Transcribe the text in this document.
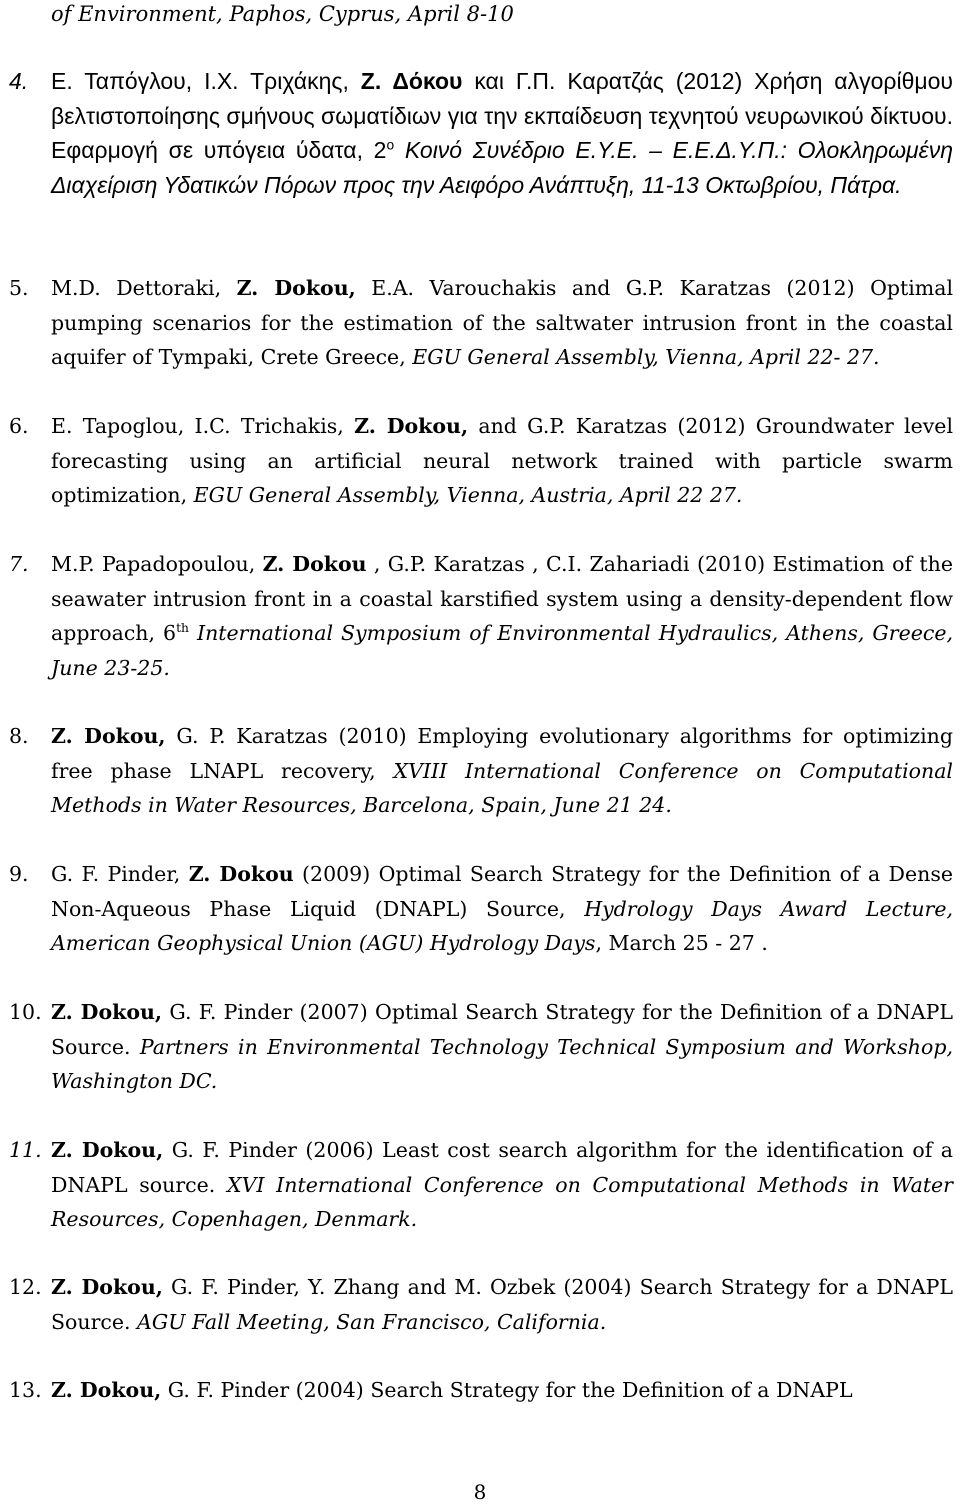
of Environment, Paphos, Cyprus, April 8-10
4. Ε. Ταπόγλου, Ι.Χ. Τριχάκης, Ζ. Δόκου και Γ.Π. Καρατζάς (2012) Χρήση αλγορίθμου βελτιστοποίησης σμήνους σωματίδιων για την εκπαίδευση τεχνητού νευρωνικού δίκτυου. Εφαρμογή σε υπόγεια ύδατα, $2^o$ Κοινό Συνέδριο Ε.Υ.Ε. – Ε.Ε.Δ.Υ.Π.: Ολοκληρωμένη Διαχείριση Υδατικών Πόρων προς την Αειφόρο Ανάπτυξη, 11-13 Οκτωβρίου, Πάτρα.
5. M.D. Dettoraki, Z. Dokou, E.A. Varouchakis and G.P. Karatzas (2012) Optimal pumping scenarios for the estimation of the saltwater intrusion front in the coastal aquifer of Tympaki, Crete Greece, EGU General Assembly, Vienna, April 22- 27.
6. E. Tapoglou, I.C. Trichakis, Z. Dokou, and G.P. Karatzas (2012) Groundwater level forecasting using an artificial neural network trained with particle swarm optimization, EGU General Assembly, Vienna, Austria, April 22 27.
7. M.P. Papadopoulou, Z. Dokou , G.P. Karatzas , C.I. Zahariadi (2010) Estimation of the seawater intrusion front in a coastal karstified system using a density-dependent flow approach, 6th International Symposium of Environmental Hydraulics, Athens, Greece, June 23-25.
8. Z. Dokou, G. P. Karatzas (2010) Employing evolutionary algorithms for optimizing free phase LNAPL recovery, XVIII International Conference on Computational Methods in Water Resources, Barcelona, Spain, June 21 24.
9. G. F. Pinder, Z. Dokou (2009) Optimal Search Strategy for the Definition of a Dense Non-Aqueous Phase Liquid (DNAPL) Source, Hydrology Days Award Lecture, American Geophysical Union (AGU) Hydrology Days, March 25 - 27 .
10. Z. Dokou, G. F. Pinder (2007) Optimal Search Strategy for the Definition of a DNAPL Source. Partners in Environmental Technology Technical Symposium and Workshop, Washington DC.
11. Z. Dokou, G. F. Pinder (2006) Least cost search algorithm for the identification of a DNAPL source. XVI International Conference on Computational Methods in Water Resources, Copenhagen, Denmark.
12. Z. Dokou, G. F. Pinder, Y. Zhang and M. Ozbek (2004) Search Strategy for a DNAPL Source. AGU Fall Meeting, San Francisco, California.
13. Z. Dokou, G. F. Pinder (2004) Search Strategy for the Definition of a DNAPL
8
